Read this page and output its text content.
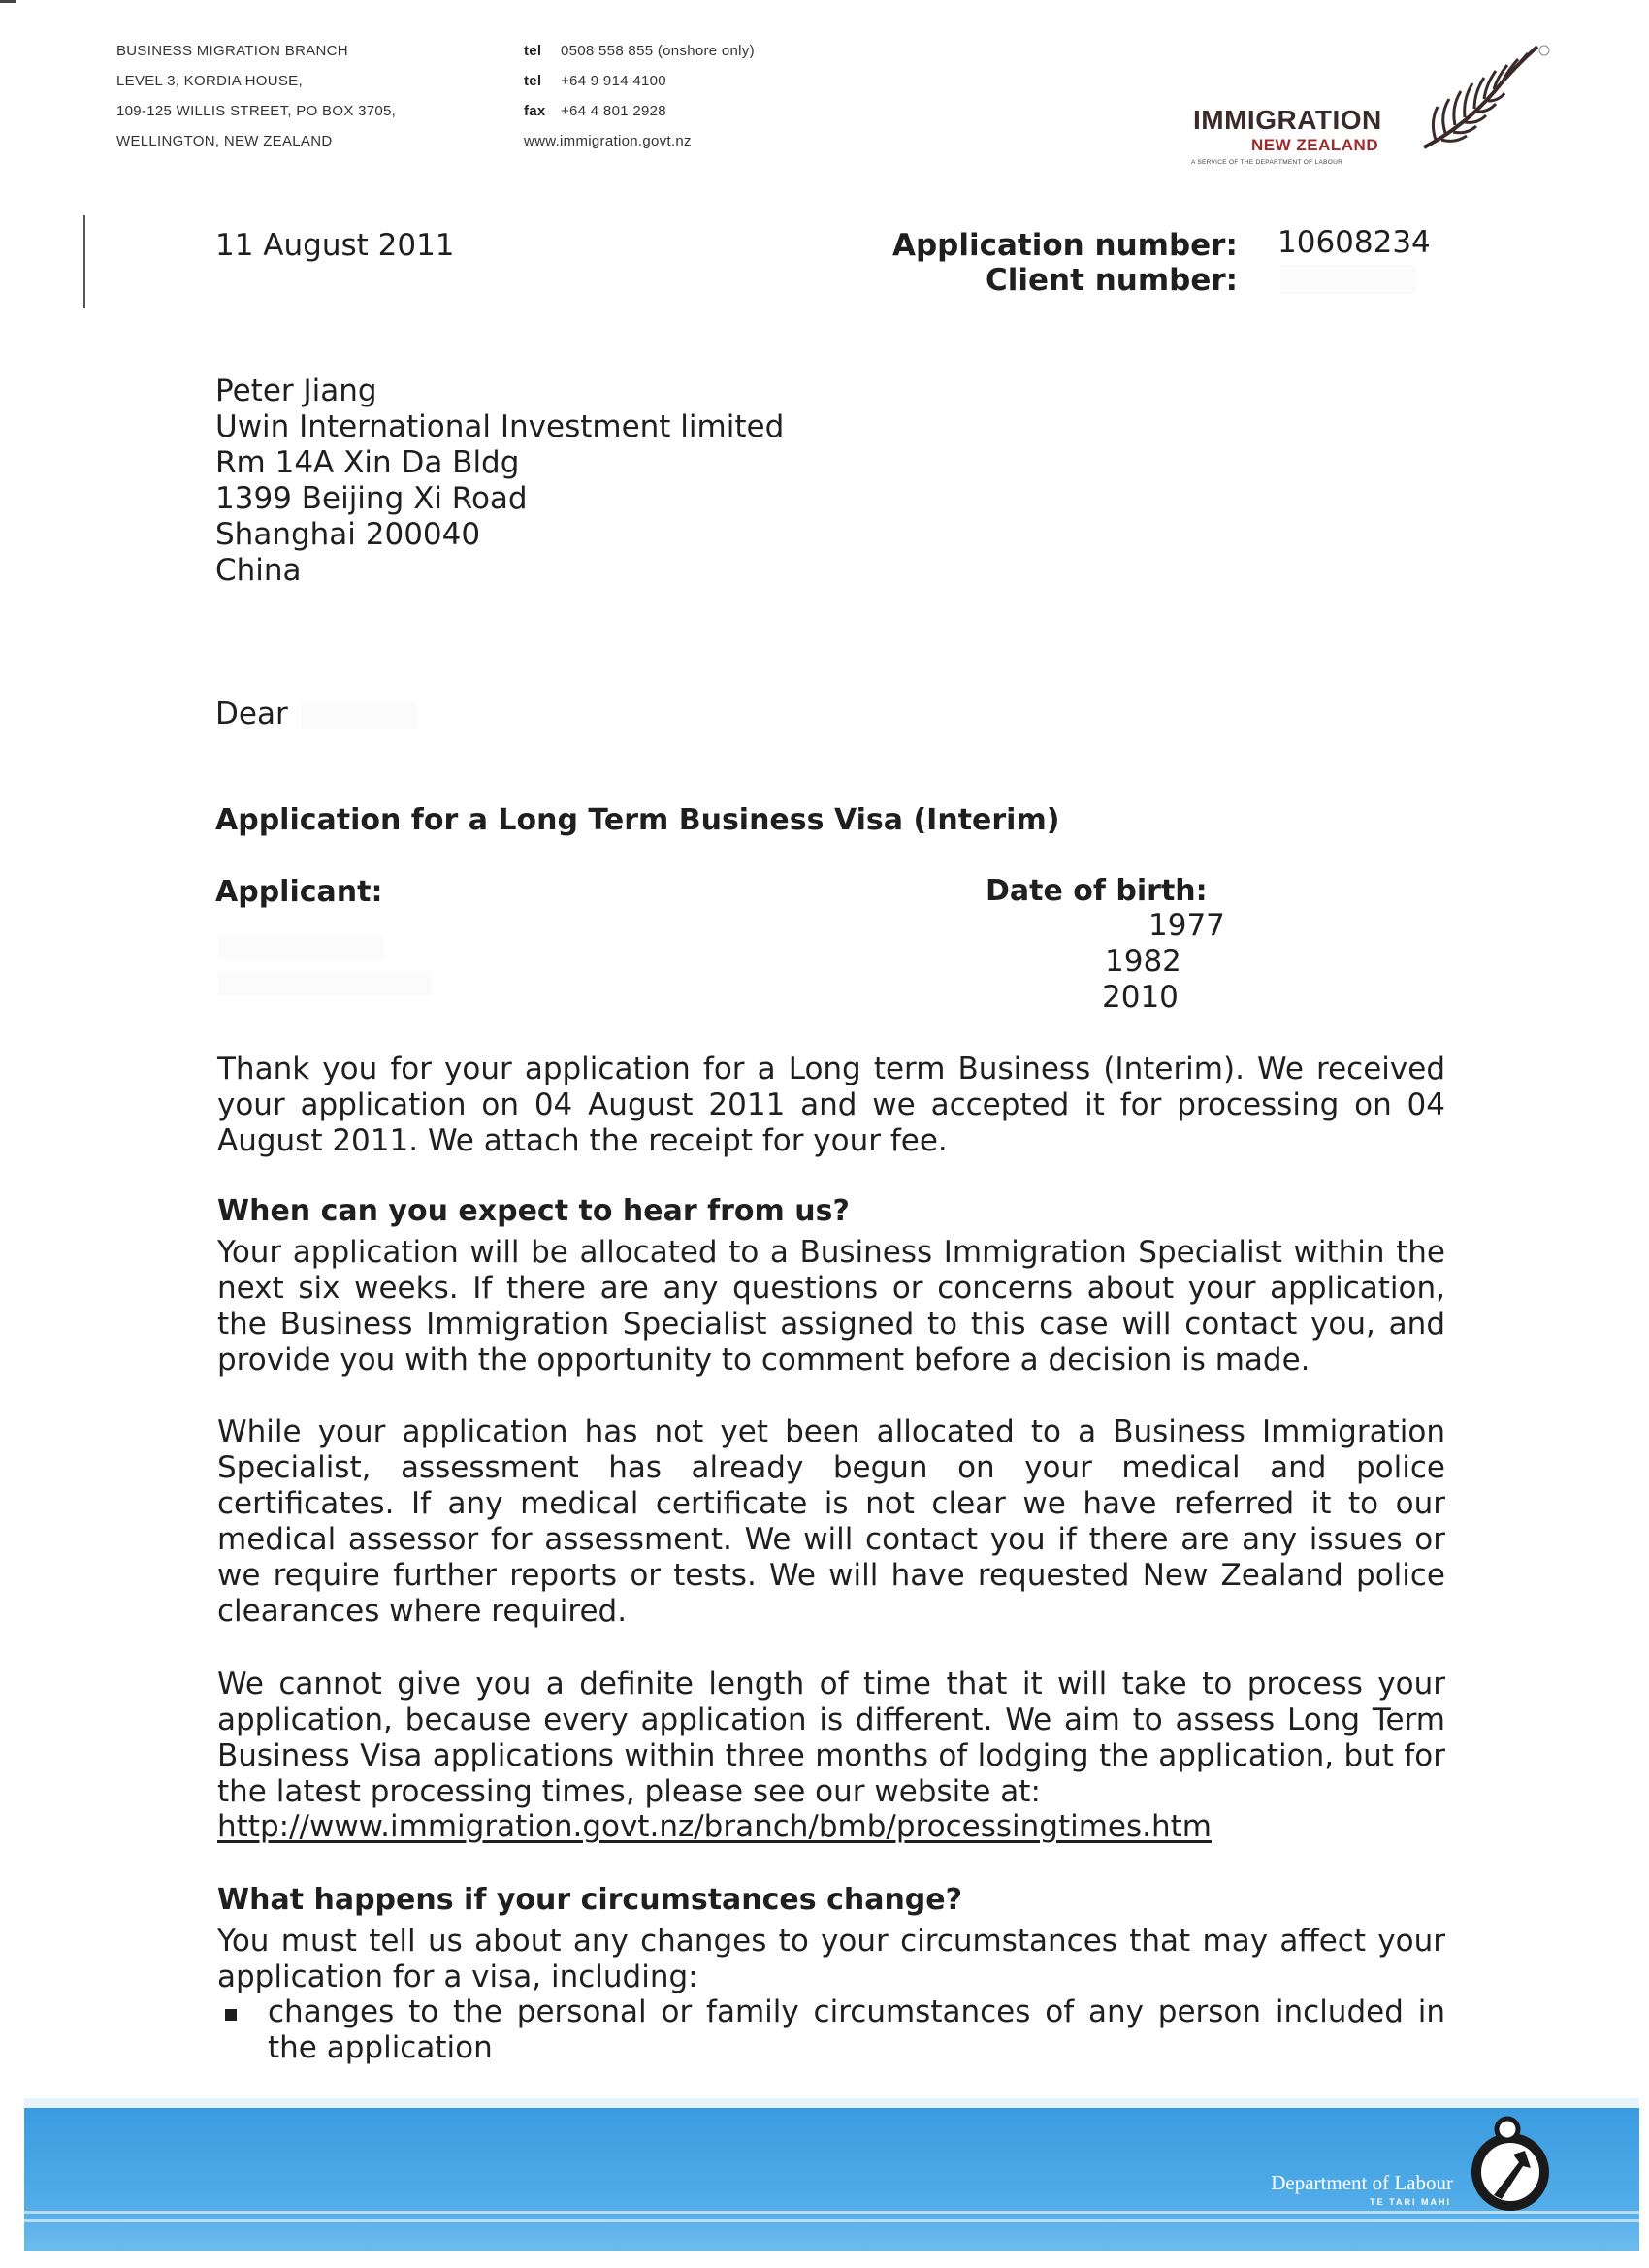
BUSINESS MIGRATION BRANCH
LEVEL 3, KORDIA HOUSE,
109-125 WILLIS STREET, PO BOX 3705,
WELLINGTON, NEW ZEALAND
tel	0508 558 855 (onshore only)
tel	+64 9 914 4100
fax	+64 4 801 2928
www.immigration.govt.nz
IMMIGRATION
NEW ZEALAND
A SERVICE OF THE DEPARTMENT OF LABOUR
11 August 2011	Application number: 10608234
Client number:
Peter Jiang
Uwin International Investment limited
Rm 14A Xin Da Bldg
1399 Beijing Xi Road
Shanghai 200040
China
Dear
Application for a Long Term Business Visa (Interim)
Applicant:	Date of birth:
1977
1982
2010
Thank you for your application for a Long term Business (Interim). We received your application on 04 August 2011 and we accepted it for processing on 04 August 2011. We attach the receipt for your fee.
When can you expect to hear from us?
Your application will be allocated to a Business Immigration Specialist within the next six weeks. If there are any questions or concerns about your application, the Business Immigration Specialist assigned to this case will contact you, and provide you with the opportunity to comment before a decision is made.
While your application has not yet been allocated to a Business Immigration Specialist, assessment has already begun on your medical and police certificates. If any medical certificate is not clear we have referred it to our medical assessor for assessment. We will contact you if there are any issues or we require further reports or tests. We will have requested New Zealand police clearances where required.
We cannot give you a definite length of time that it will take to process your application, because every application is different. We aim to assess Long Term Business Visa applications within three months of lodging the application, but for the latest processing times, please see our website at:
http://www.immigration.govt.nz/branch/bmb/processingtimes.htm
What happens if your circumstances change?
You must tell us about any changes to your circumstances that may affect your application for a visa, including:
changes to the personal or family circumstances of any person included in the application
Department of Labour
TE TARI MAHI
